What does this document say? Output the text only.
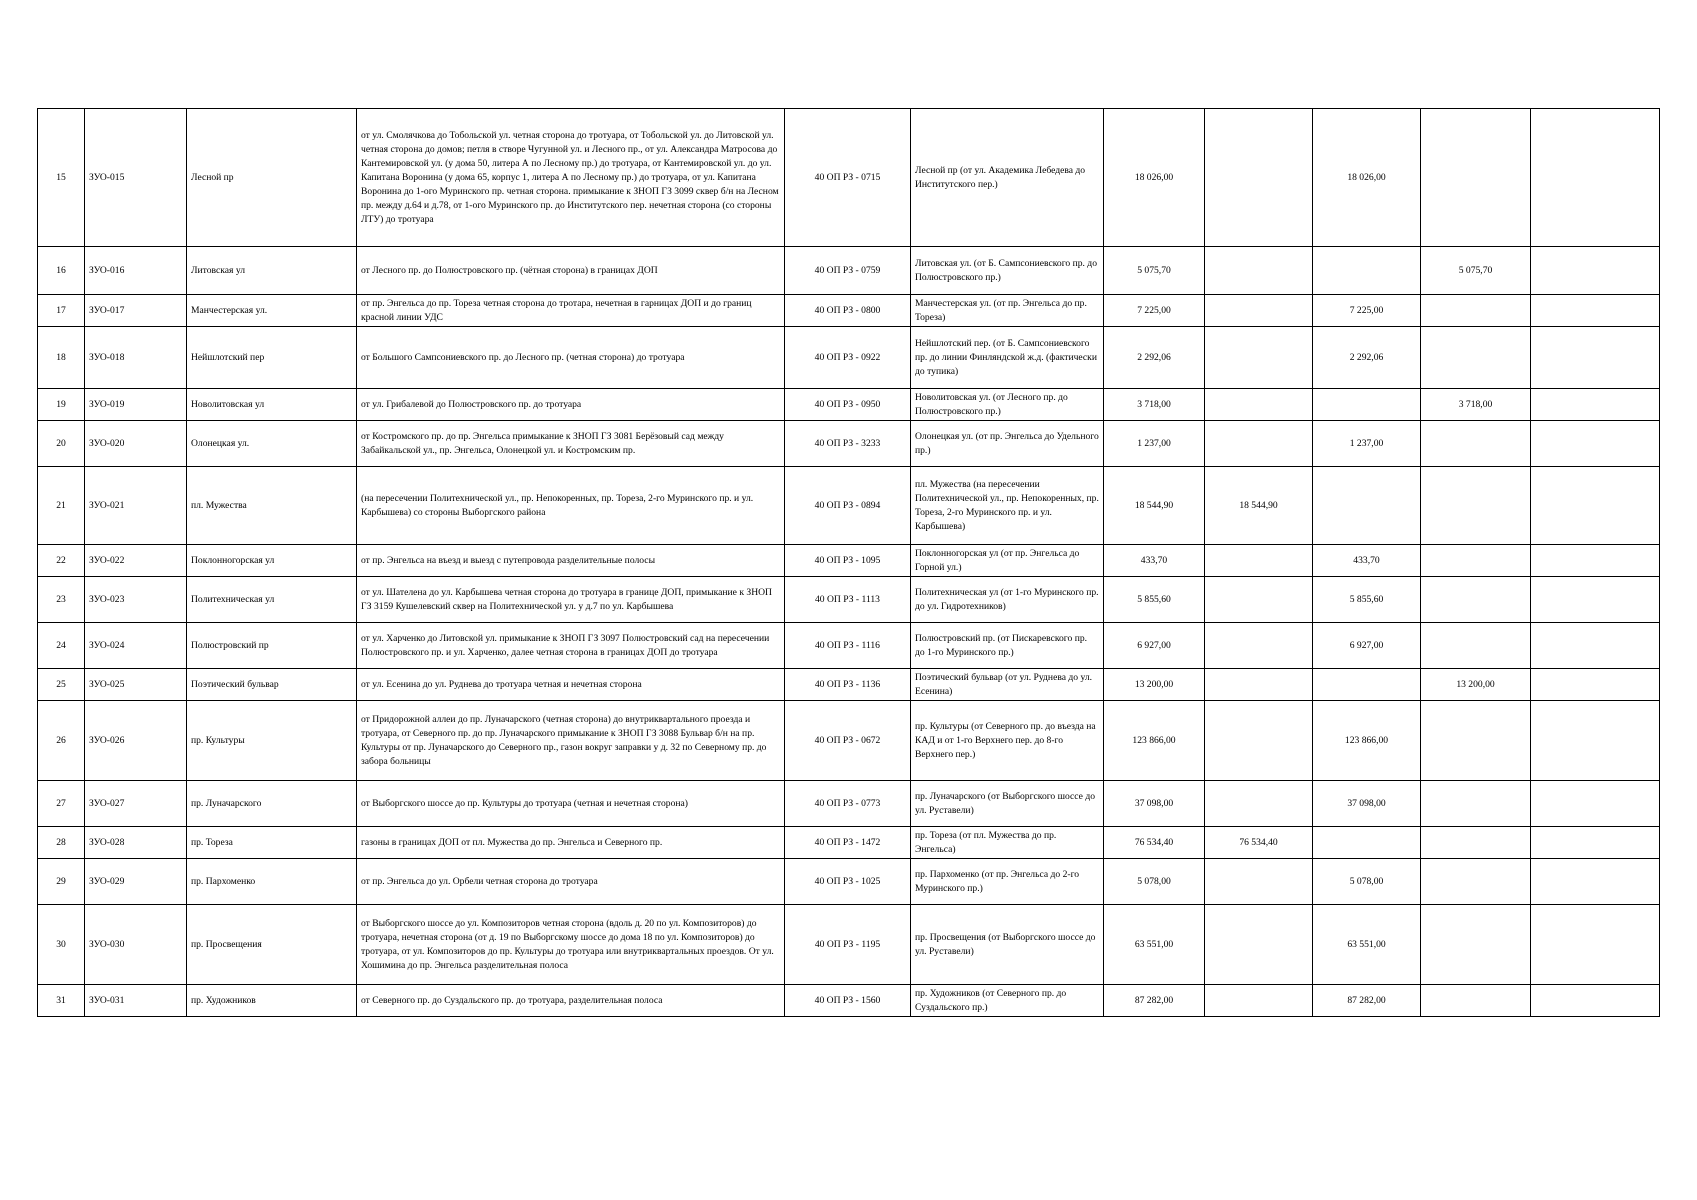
15	ЗУО-015	Лесной пр	от ул. Смолячкова до Тобольской ул. четная сторона до тротуара, от Тобольской ул. до Литовской ул. четная сторона до домов; петля в створе Чугунной ул. и Лесного пр., от ул. Александра Матросова до Кантемировской ул. (у дома 50, литера А по Лесному пр.) до тротуара, от Кантемировской ул. до ул. Капитана Воронина (у дома 65, корпус 1, литера А по Лесному пр.) до тротуара, от ул. Капитана Воронина до 1-ого Муринского пр. четная сторона. примыкание к ЗНОП ГЗ 3099 сквер б/н на Лесном пр. между д.64 и д.78, от 1-ого Муринского пр. до Институтского пер. нечетная сторона (со стороны ЛТУ) до тротуара	40 ОП РЗ - 0715	Лесной пр (от ул. Академика Лебедева до Институтского пер.)	18 026,00		18 026,00		
16	ЗУО-016	Литовская ул	от Лесного пр. до Полюстровского пр. (чётная сторона) в границах ДОП	40 ОП РЗ - 0759	Литовская ул. (от Б. Сампсониевского пр. до Полюстровского пр.)	5 075,70			5 075,70	
17	ЗУО-017	Манчестерская ул.	от пр. Энгельса до пр. Тореза четная сторона до тротара, нечетная в гарницах ДОП и до границ красной линии УДС	40 ОП РЗ - 0800	Манчестерская ул. (от пр. Энгельса до пр. Тореза)	7 225,00		7 225,00		
18	ЗУО-018	Нейшлотский пер	от Большого Сампсониевского пр. до Лесного пр. (четная сторона) до тротуара	40 ОП РЗ - 0922	Нейшлотский пер. (от Б. Сампсониевского пр. до линии Финляндской ж.д. (фактически до тупика)	2 292,06		2 292,06		
19	ЗУО-019	Новолитовская ул	от ул. Грибалевой до Полюстровского пр. до тротуара	40 ОП РЗ - 0950	Новолитовская ул. (от Лесного пр. до Полюстровского пр.)	3 718,00			3 718,00	
20	ЗУО-020	Олонецкая ул.	от Костромского пр. до пр. Энгельса примыкание к ЗНОП ГЗ 3081 Берёзовый сад между Забайкальской ул., пр. Энгельса, Олонецкой ул. и Костромским пр.	40 ОП РЗ - 3233	Олонецкая ул. (от пр. Энгельса до Удельного пр.)	1 237,00		1 237,00		
21	ЗУО-021	пл. Мужества	(на пересечении Политехнической ул., пр. Непокоренных, пр. Тореза, 2-го Муринского пр. и ул. Карбышева) со стороны Выборгского района	40 ОП РЗ - 0894	пл. Мужества (на пересечении Политехнической ул., пр. Непокоренных, пр. Тореза, 2-го Муринского пр. и ул. Карбышева)	18 544,90	18 544,90			
22	ЗУО-022	Поклонногорская ул	от пр. Энгельса на въезд и выезд с путепровода разделительные полосы	40 ОП РЗ - 1095	Поклонногорская ул (от пр. Энгельса до Горной ул.)	433,70		433,70		
23	ЗУО-023	Политехническая ул	от ул. Шателена до ул. Карбышева четная сторона до тротуара в границе ДОП, примыкание к ЗНОП ГЗ 3159 Кушелевский сквер на Политехнической ул. у д.7 по ул. Карбышева	40 ОП РЗ - 1113	Политехническая ул (от 1-го Муринского пр. до ул. Гидротехников)	5 855,60		5 855,60		
24	ЗУО-024	Полюстровский пр	от ул. Харченко до Литовской ул. примыкание к ЗНОП ГЗ 3097 Полюстровский сад на пересечении Полюстровского пр. и ул. Харченко, далее четная сторона в границах ДОП до тротуара	40 ОП РЗ - 1116	Полюстровский пр. (от Пискаревского пр. до 1-го Муринского пр.)	6 927,00		6 927,00		
25	ЗУО-025	Поэтический бульвар	от ул. Есенина до ул. Руднева до тротуара четная и нечетная сторона	40 ОП РЗ - 1136	Поэтический бульвар (от ул. Руднева до ул. Есенина)	13 200,00			13 200,00	
26	ЗУО-026	пр. Культуры	от Придорожной аллеи до пр. Луначарского (четная сторона) до внутриквартального проезда и тротуара, от Северного пр. до пр. Луначарского примыкание к ЗНОП ГЗ 3088 Бульвар б/н на пр. Культуры от пр. Луначарского до Северного пр., газон вокруг заправки у д. 32 по Северному пр. до забора больницы	40 ОП РЗ - 0672	пр. Культуры (от Северного пр. до въезда на КАД и от 1-го Верхнего пер. до 8-го Верхнего пер.)	123 866,00		123 866,00		
27	ЗУО-027	пр. Луначарского	от Выборгского шоссе до пр. Культуры до тротуара (четная и нечетная сторона)	40 ОП РЗ - 0773	пр. Луначарского (от Выборгского шоссе до ул. Руставели)	37 098,00		37 098,00		
28	ЗУО-028	пр. Тореза	газоны в границах ДОП от пл. Мужества до пр. Энгельса и Северного пр.	40 ОП РЗ - 1472	пр. Тореза (от пл. Мужества до пр. Энгельса)	76 534,40	76 534,40			
29	ЗУО-029	пр. Пархоменко	от пр. Энгельса до ул. Орбели четная сторона до тротуара	40 ОП РЗ - 1025	пр. Пархоменко (от пр. Энгельса до 2-го Муринского пр.)	5 078,00		5 078,00		
30	ЗУО-030	пр. Просвещения	от Выборгского шоссе до ул. Композиторов четная сторона (вдоль д. 20 по ул. Композиторов) до тротуара, нечетная сторона (от д. 19 по Выборгскому шоссе до дома 18 по ул. Композиторов) до тротуара, от ул. Композиторов до пр. Культуры до тротуара или внутриквартальных проездов. От ул. Хошимина до пр. Энгельса разделительная полоса	40 ОП РЗ - 1195	пр. Просвещения (от Выборгского шоссе до ул. Руставели)	63 551,00		63 551,00		
31	ЗУО-031	пр. Художников	от Северного пр. до Суздальского пр. до тротуара, разделительная полоса	40 ОП РЗ - 1560	пр. Художников (от Северного пр. до Суздальского пр.)	87 282,00		87 282,00		
